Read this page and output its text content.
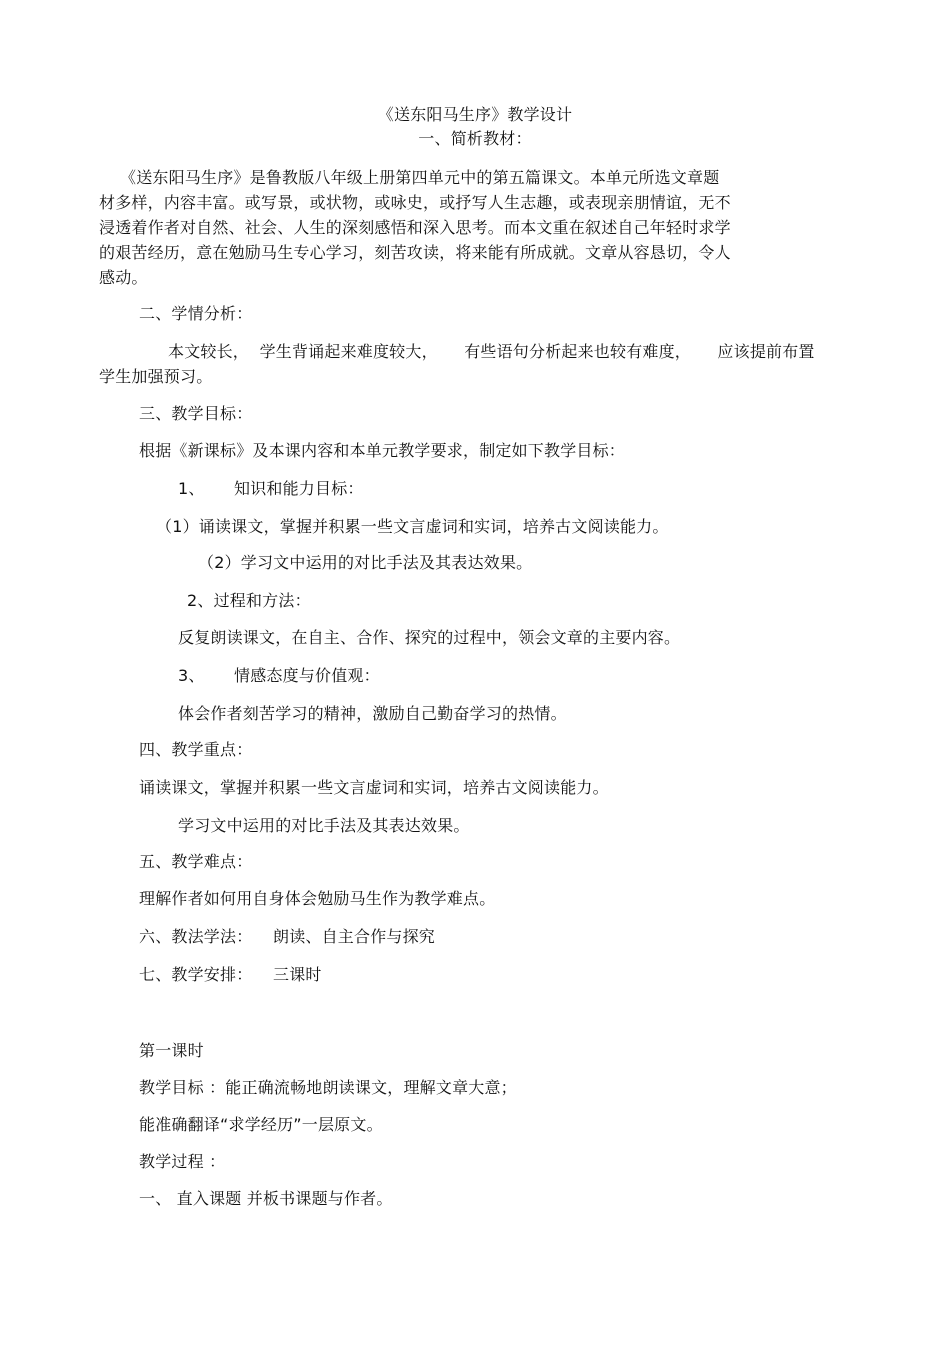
《送东阳马生序》教学设计

一、简析教材：

《送东阳马生序》是鲁教版八年级上册第四单元中的第五篇课文。本单元所选文章题

材多样，内容丰富。或写景，或状物，或咏史，或抒写人生志趣，或表现亲朋情谊，无不

浸透着作者对自然、社会、人生的深刻感悟和深入思考。而本文重在叙述自己年轻时求学

的艰苦经历，意在勉励马生专心学习，刻苦攻读，将来能有所成就。文章从容恳切，令人

感动。

二、学情分析：

本文较长，  学生背诵起来难度较大，     有些语句分析起来也较有难度，     应该提前布置

学生加强预习。

三、教学目标：

根据《新课标》及本课内容和本单元教学要求，制定如下教学目标：

1、 知识和能力目标：

（1）诵读课文，掌握并积累一些文言虚词和实词，培养古文阅读能力。

（2）学习文中运用的对比手法及其表达效果。

2、过程和方法：

反复朗读课文，在自主、合作、探究的过程中，领会文章的主要内容。

3、 情感态度与价值观：

体会作者刻苦学习的精神，激励自己勤奋学习的热情。

四、教学重点：

诵读课文，掌握并积累一些文言虚词和实词，培养古文阅读能力。

学习文中运用的对比手法及其表达效果。

五、教学难点：

理解作者如何用自身体会勉励马生作为教学难点。

六、教法学法： 朗读、自主合作与探究

七、教学安排： 三课时

第一课时

教学目标 ：能正确流畅地朗读课文，理解文章大意；

能准确翻译“求学经历”一层原文。

教学过程 ：

一、 直入课题 并板书课题与作者。
